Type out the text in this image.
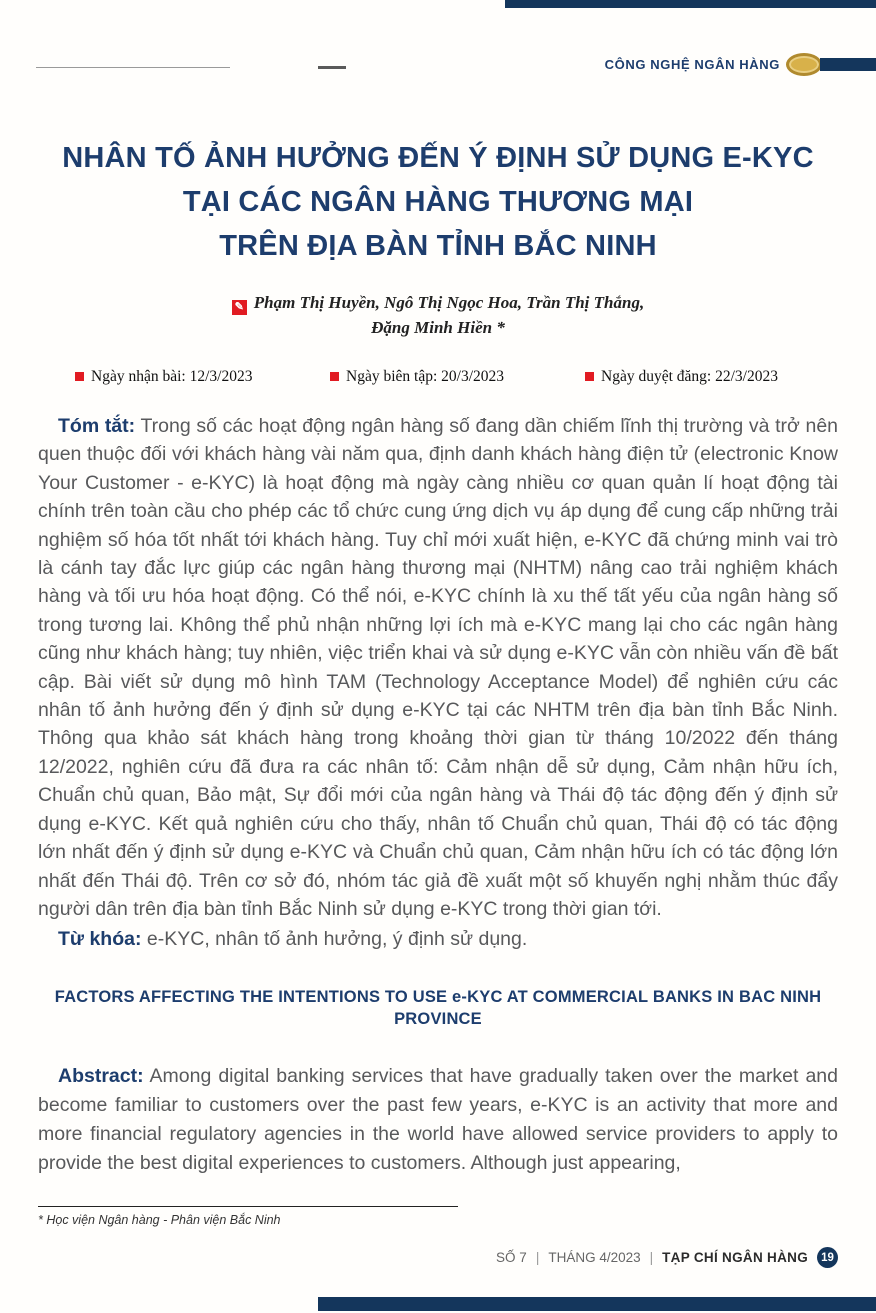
CÔNG NGHỆ NGÂN HÀNG
NHÂN TỐ ẢNH HƯỞNG ĐẾN Ý ĐỊNH SỬ DỤNG E-KYC
TẠI CÁC NGÂN HÀNG THƯƠNG MẠI
TRÊN ĐỊA BÀN TỈNH BẮC NINH
✎ Phạm Thị Huyền, Ngô Thị Ngọc Hoa, Trần Thị Thắng,
Đặng Minh Hiền *
Ngày nhận bài: 12/3/2023	Ngày biên tập: 20/3/2023	Ngày duyệt đăng: 22/3/2023

Tóm tắt: Trong số các hoạt động ngân hàng số đang dần chiếm lĩnh thị trường và trở nên quen thuộc đối với khách hàng vài năm qua, định danh khách hàng điện tử (electronic Know Your Customer - e-KYC) là hoạt động mà ngày càng nhiều cơ quan quản lí hoạt động tài chính trên toàn cầu cho phép các tổ chức cung ứng dịch vụ áp dụng để cung cấp những trải nghiệm số hóa tốt nhất tới khách hàng. Tuy chỉ mới xuất hiện, e-KYC đã chứng minh vai trò là cánh tay đắc lực giúp các ngân hàng thương mại (NHTM) nâng cao trải nghiệm khách hàng và tối ưu hóa hoạt động. Có thể nói, e-KYC chính là xu thế tất yếu của ngân hàng số trong tương lai. Không thể phủ nhận những lợi ích mà e-KYC mang lại cho các ngân hàng cũng như khách hàng; tuy nhiên, việc triển khai và sử dụng e-KYC vẫn còn nhiều vấn đề bất cập. Bài viết sử dụng mô hình TAM (Technology Acceptance Model) để nghiên cứu các nhân tố ảnh hưởng đến ý định sử dụng e-KYC tại các NHTM trên địa bàn tỉnh Bắc Ninh. Thông qua khảo sát khách hàng trong khoảng thời gian từ tháng 10/2022 đến tháng 12/2022, nghiên cứu đã đưa ra các nhân tố: Cảm nhận dễ sử dụng, Cảm nhận hữu ích, Chuẩn chủ quan, Bảo mật, Sự đổi mới của ngân hàng và Thái độ tác động đến ý định sử dụng e-KYC. Kết quả nghiên cứu cho thấy, nhân tố Chuẩn chủ quan, Thái độ có tác động lớn nhất đến ý định sử dụng e-KYC và Chuẩn chủ quan, Cảm nhận hữu ích có tác động lớn nhất đến Thái độ. Trên cơ sở đó, nhóm tác giả đề xuất một số khuyến nghị nhằm thúc đẩy người dân trên địa bàn tỉnh Bắc Ninh sử dụng e-KYC trong thời gian tới.

Từ khóa: e-KYC, nhân tố ảnh hưởng, ý định sử dụng.

FACTORS AFFECTING THE INTENTIONS TO USE e-KYC AT COMMERCIAL BANKS IN BAC NINH PROVINCE

Abstract: Among digital banking services that have gradually taken over the market and become familiar to customers over the past few years, e-KYC is an activity that more and more financial regulatory agencies in the world have allowed service providers to apply to provide the best digital experiences to customers. Although just appearing,

* Học viện Ngân hàng - Phân viện Bắc Ninh
SỐ 7 | THÁNG 4/2023 | TẠP CHÍ NGÂN HÀNG	19
